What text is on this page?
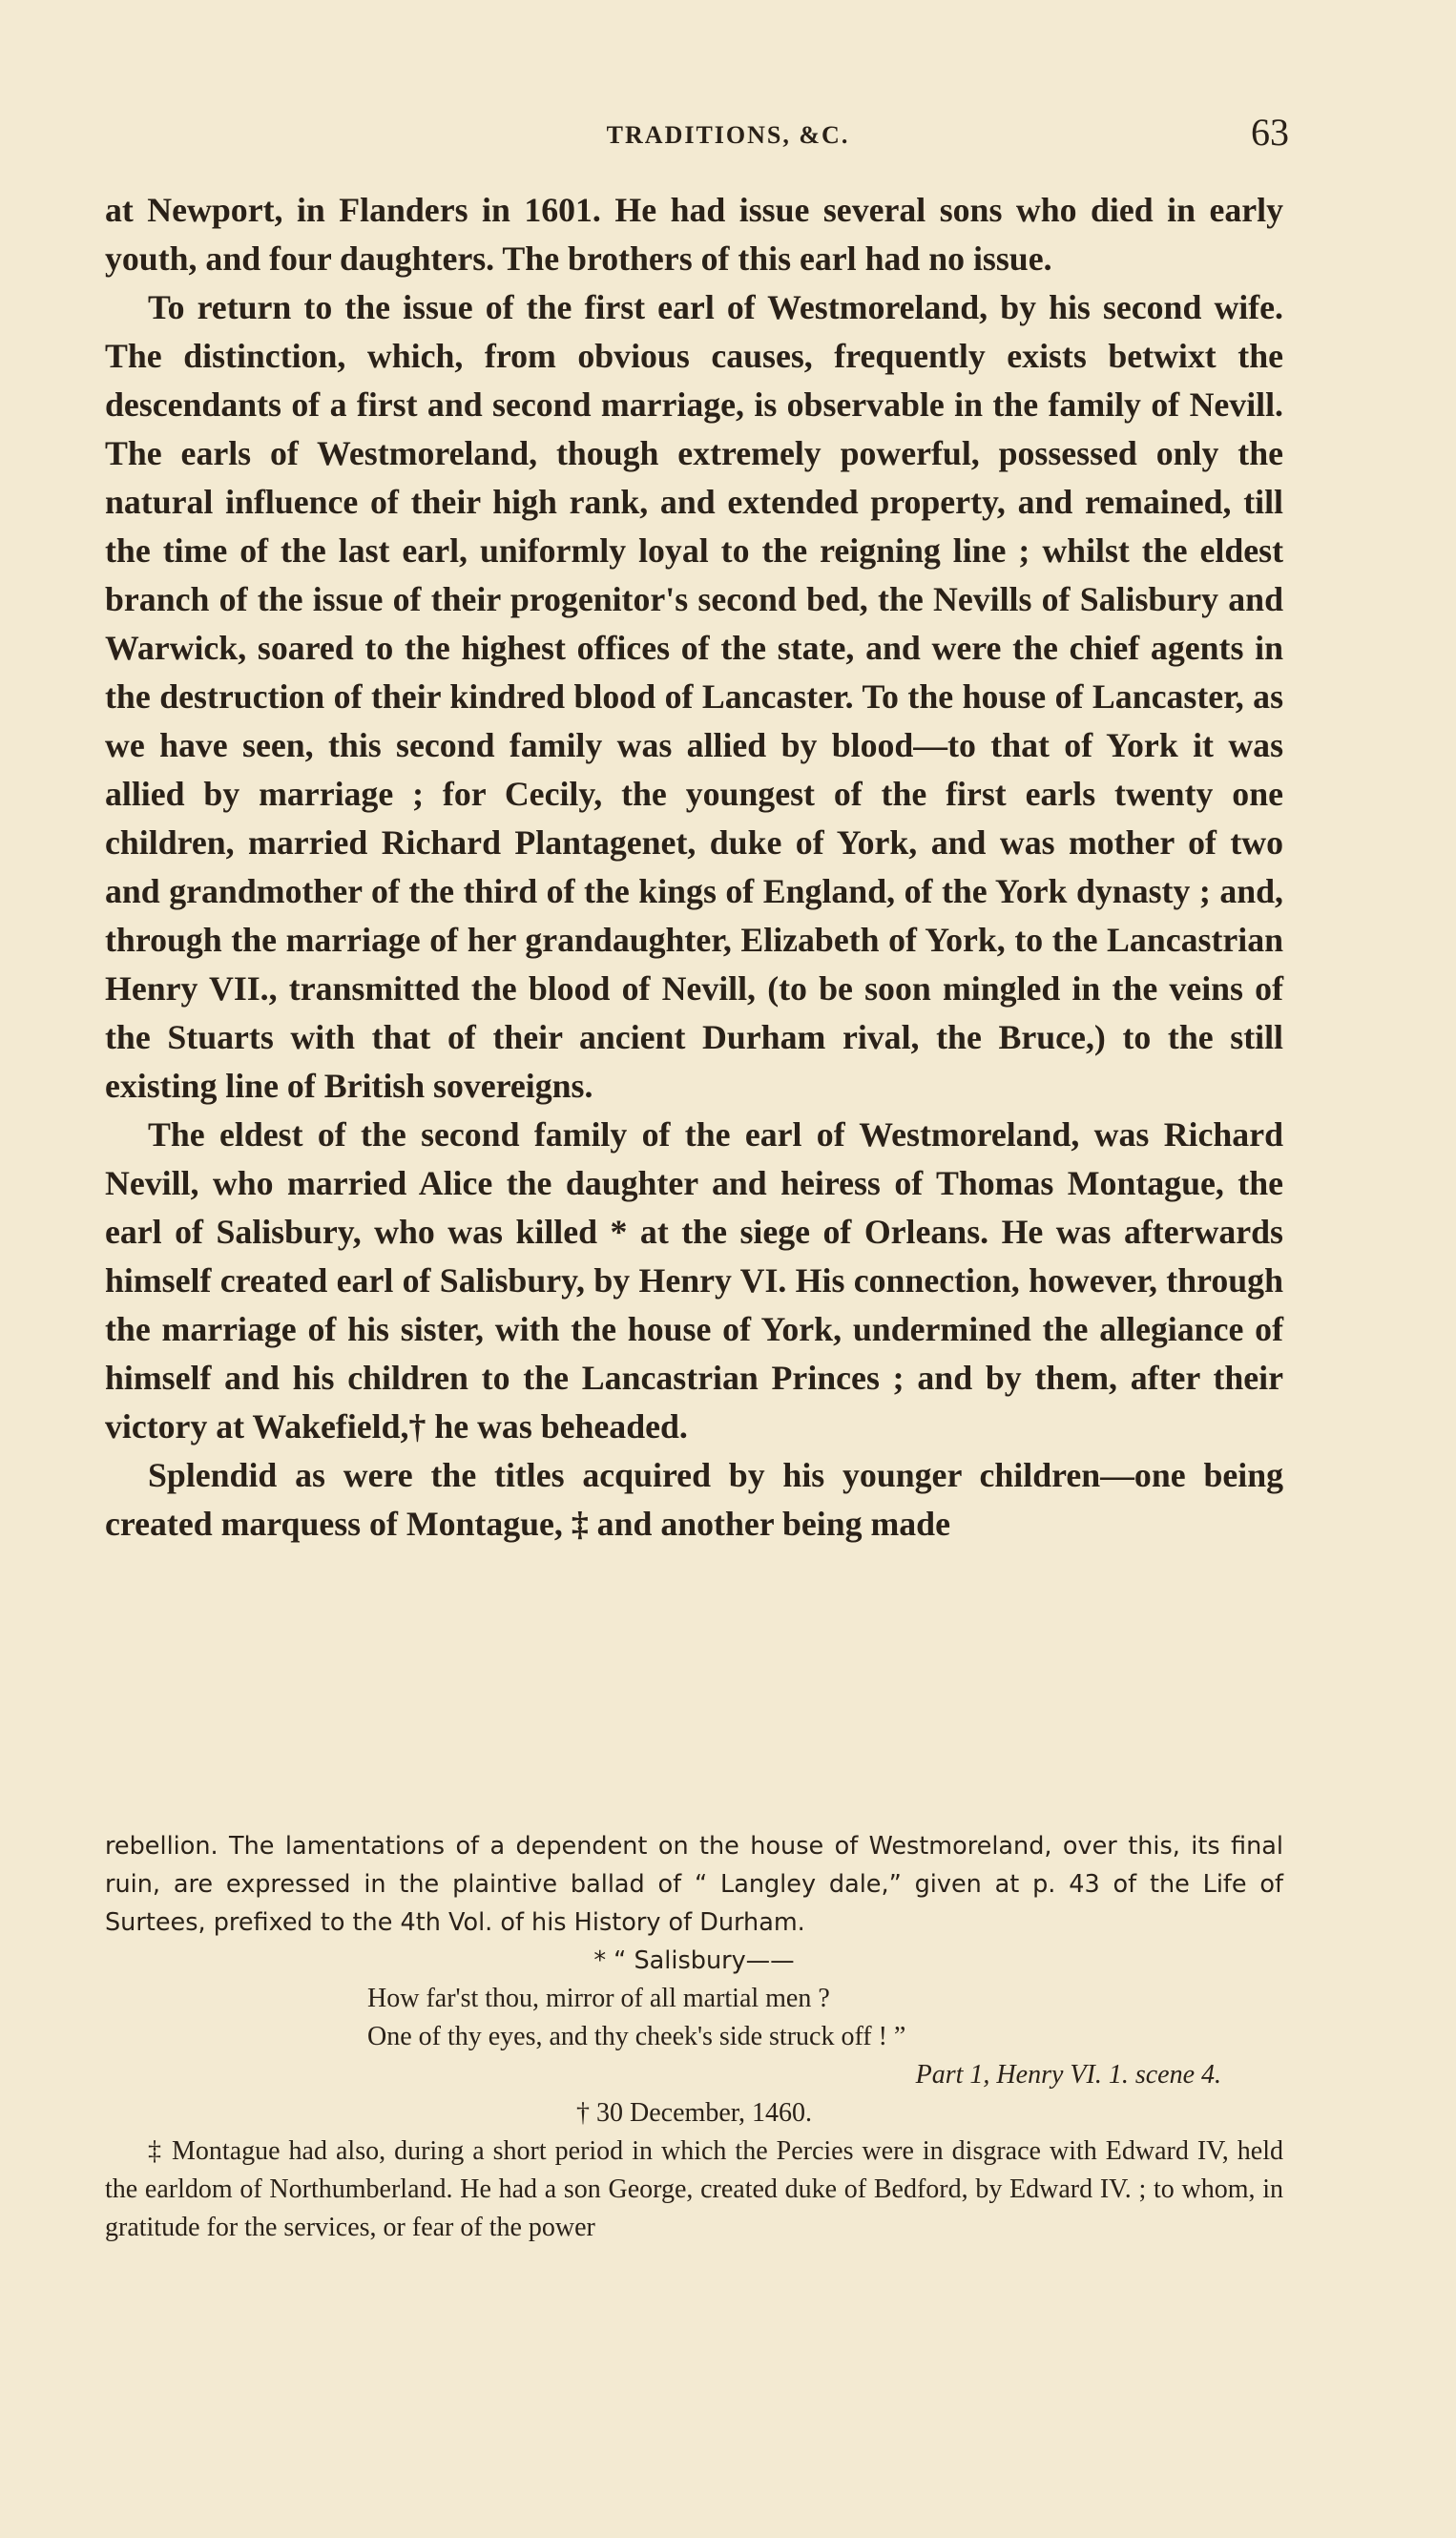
TRADITIONS, &C.	63

at Newport, in Flanders in 1601. He had issue several sons who died in early youth, and four daughters. The brothers of this earl had no issue.

To return to the issue of the first earl of Westmoreland, by his second wife. The distinction, which, from obvious causes, frequently exists betwixt the descendants of a first and second marriage, is observable in the family of Nevill. The earls of Westmoreland, though extremely powerful, possessed only the natural influence of their high rank, and extended property, and remained, till the time of the last earl, uniformly loyal to the reigning line ; whilst the eldest branch of the issue of their progenitor's second bed, the Nevills of Salisbury and Warwick, soared to the highest offices of the state, and were the chief agents in the destruction of their kindred blood of Lancaster. To the house of Lancaster, as we have seen, this second family was allied by blood—to that of York it was allied by marriage ; for Cecily, the youngest of the first earls twenty one children, married Richard Plantagenet, duke of York, and was mother of two and grandmother of the third of the kings of England, of the York dynasty ; and, through the marriage of her grandaughter, Elizabeth of York, to the Lancastrian Henry VII., transmitted the blood of Nevill, (to be soon mingled in the veins of the Stuarts with that of their ancient Durham rival, the Bruce,) to the still existing line of British sovereigns.

The eldest of the second family of the earl of Westmoreland, was Richard Nevill, who married Alice the daughter and heiress of Thomas Montague, the earl of Salisbury, who was killed * at the siege of Orleans. He was afterwards himself created earl of Salisbury, by Henry VI. His connection, however, through the marriage of his sister, with the house of York, undermined the allegiance of himself and his children to the Lancastrian Princes ; and by them, after their victory at Wakefield,† he was beheaded.

Splendid as were the titles acquired by his younger children—one being created marquess of Montague, ‡ and another being made

rebellion. The lamentations of a dependent on the house of Westmoreland, over this, its final ruin, are expressed in the plaintive ballad of “ Langley dale,” given at p. 43 of the Life of Surtees, prefixed to the 4th Vol. of his History of Durham.

* “ Salisbury——

How far'st thou, mirror of all martial men ?
One of thy eyes, and thy cheek's side struck off ! ”
Part 1, Henry VI. 1. scene 4.

† 30 December, 1460.

‡ Montague had also, during a short period in which the Percies were in disgrace with Edward IV, held the earldom of Northumberland. He had a son George, created duke of Bedford, by Edward IV. ; to whom, in gratitude for the services, or fear of the power
